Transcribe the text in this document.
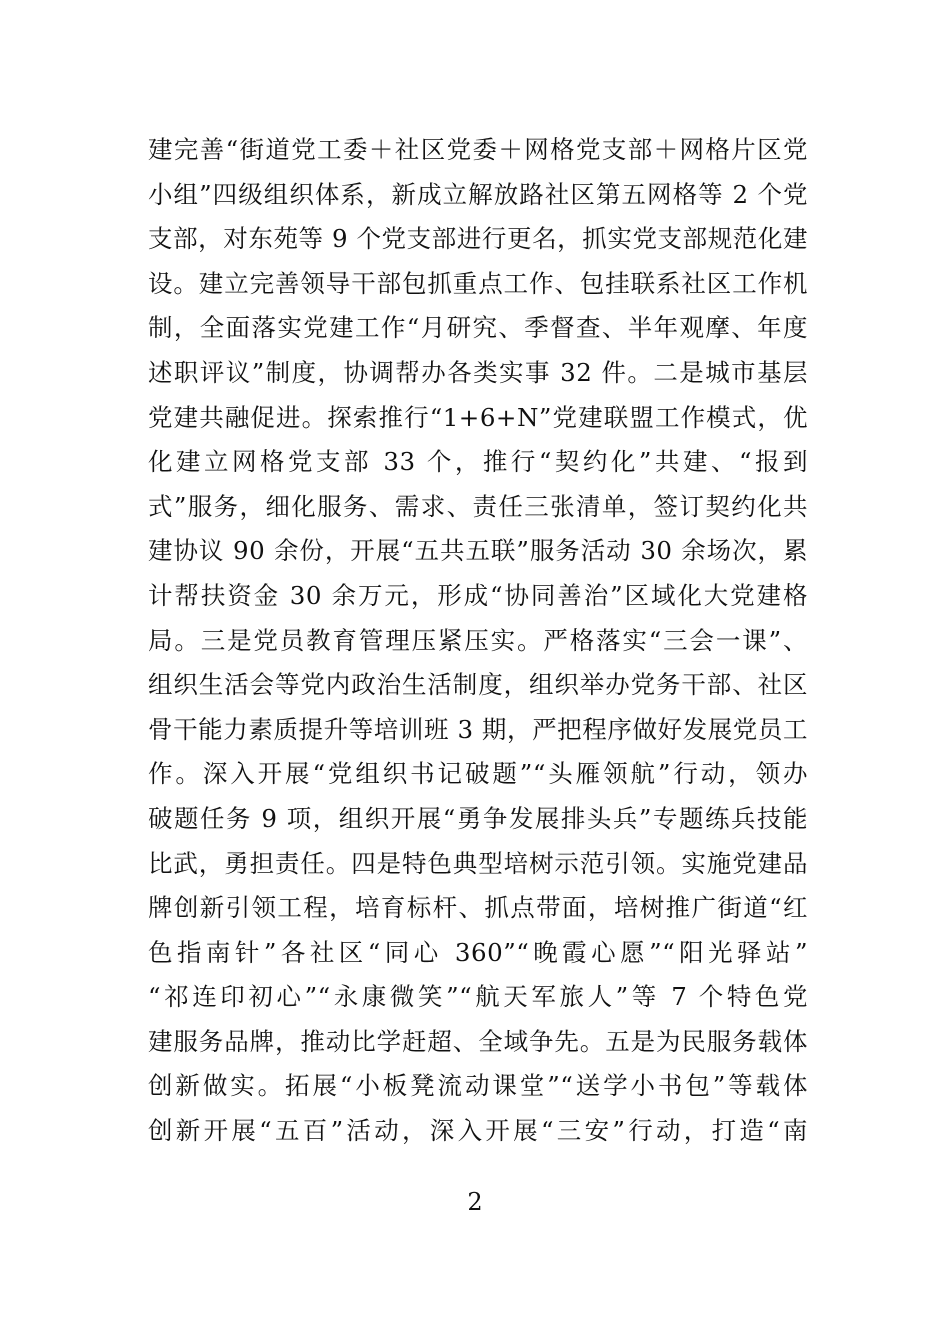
建完善“街道党工委＋社区党委＋网格党支部＋网格片区党
小组”四级组织体系，新成立解放路社区第五网格等 2 个党
支部，对东苑等 9 个党支部进行更名，抓实党支部规范化建
设。建立完善领导干部包抓重点工作、包挂联系社区工作机
制，全面落实党建工作“月研究、季督查、半年观摩、年度
述职评议”制度，协调帮办各类实事 32 件。二是城市基层
党建共融促进。探索推行“1+6+N”党建联盟工作模式，优
化建立网格党支部 33 个，推行“契约化”共建、“报到
式”服务，细化服务、需求、责任三张清单，签订契约化共
建协议 90 余份，开展“五共五联”服务活动 30 余场次，累
计帮扶资金 30 余万元，形成“协同善治”区域化大党建格
局。三是党员教育管理压紧压实。严格落实“三会一课”、
组织生活会等党内政治生活制度，组织举办党务干部、社区
骨干能力素质提升等培训班 3 期，严把程序做好发展党员工
作。深入开展“党组织书记破题”“头雁领航”行动，领办
破题任务 9 项，组织开展“勇争发展排头兵”专题练兵技能
比武，勇担责任。四是特色典型培树示范引领。实施党建品
牌创新引领工程，培育标杆、抓点带面，培树推广街道“红
色指南针”各社区“同心 360”“晚霞心愿”“阳光驿站”
“祁连印初心”“永康微笑”“航天军旅人”等 7 个特色党
建服务品牌，推动比学赶超、全域争先。五是为民服务载体
创新做实。拓展“小板凳流动课堂”“送学小书包”等载体
创新开展“五百”活动，深入开展“三安”行动，打造“南
2
